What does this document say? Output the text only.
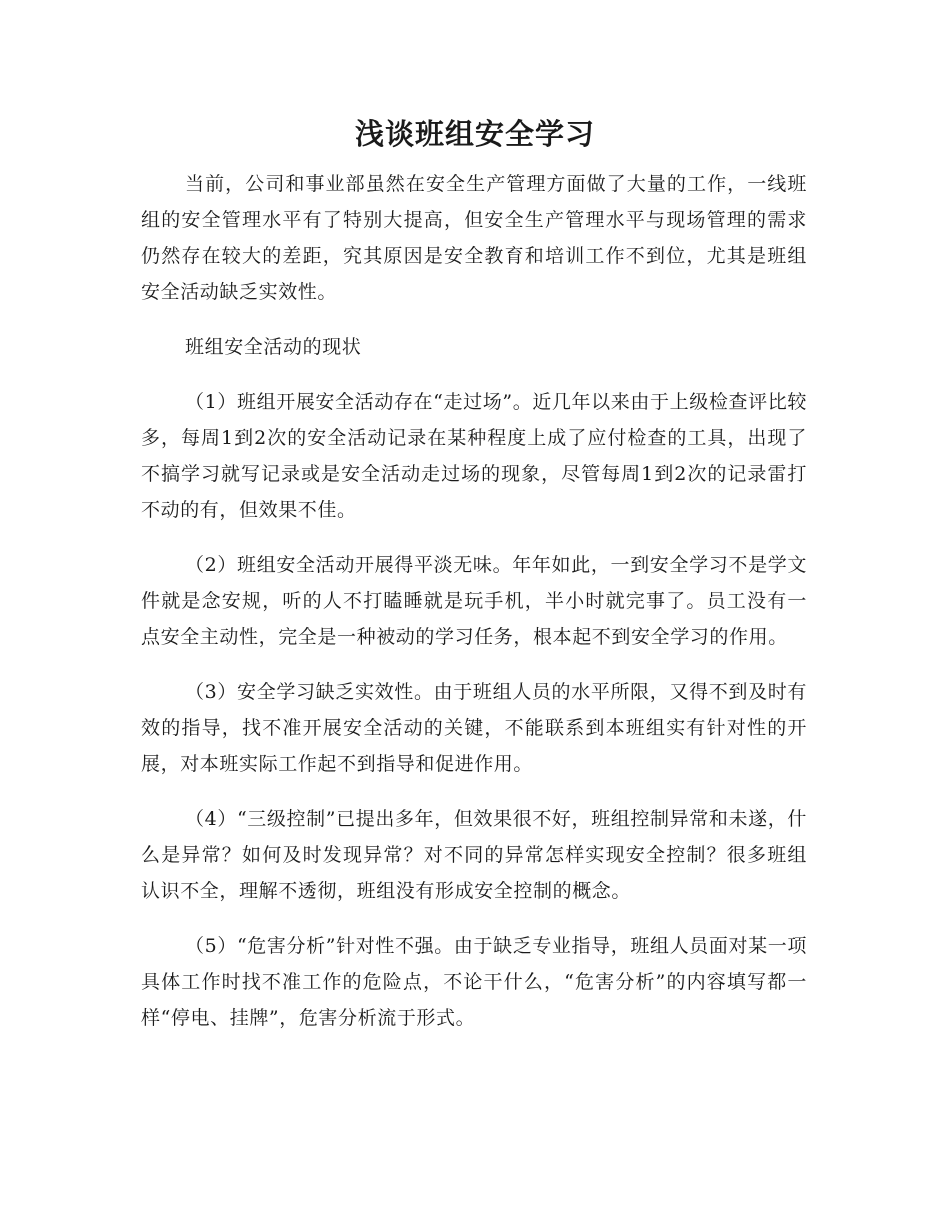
浅谈班组安全学习

当前，公司和事业部虽然在安全生产管理方面做了大量的工作，一线班组的安全管理水平有了特别大提高，但安全生产管理水平与现场管理的需求仍然存在较大的差距，究其原因是安全教育和培训工作不到位，尤其是班组安全活动缺乏实效性。

班组安全活动的现状

（1）班组开展安全活动存在“走过场”。近几年以来由于上级检查评比较多，每周1到2次的安全活动记录在某种程度上成了应付检查的工具，出现了不搞学习就写记录或是安全活动走过场的现象，尽管每周1到2次的记录雷打不动的有，但效果不佳。

（2）班组安全活动开展得平淡无味。年年如此，一到安全学习不是学文件就是念安规，听的人不打瞌睡就是玩手机，半小时就完事了。员工没有一点安全主动性，完全是一种被动的学习任务，根本起不到安全学习的作用。

（3）安全学习缺乏实效性。由于班组人员的水平所限，又得不到及时有效的指导，找不准开展安全活动的关键，不能联系到本班组实有针对性的开展，对本班实际工作起不到指导和促进作用。

（4）“三级控制”已提出多年，但效果很不好，班组控制异常和未遂，什么是异常？如何及时发现异常？对不同的异常怎样实现安全控制？很多班组认识不全，理解不透彻，班组没有形成安全控制的概念。

（5）“危害分析”针对性不强。由于缺乏专业指导，班组人员面对某一项具体工作时找不准工作的危险点，不论干什么，“危害分析”的内容填写都一样“停电、挂牌”，危害分析流于形式。
